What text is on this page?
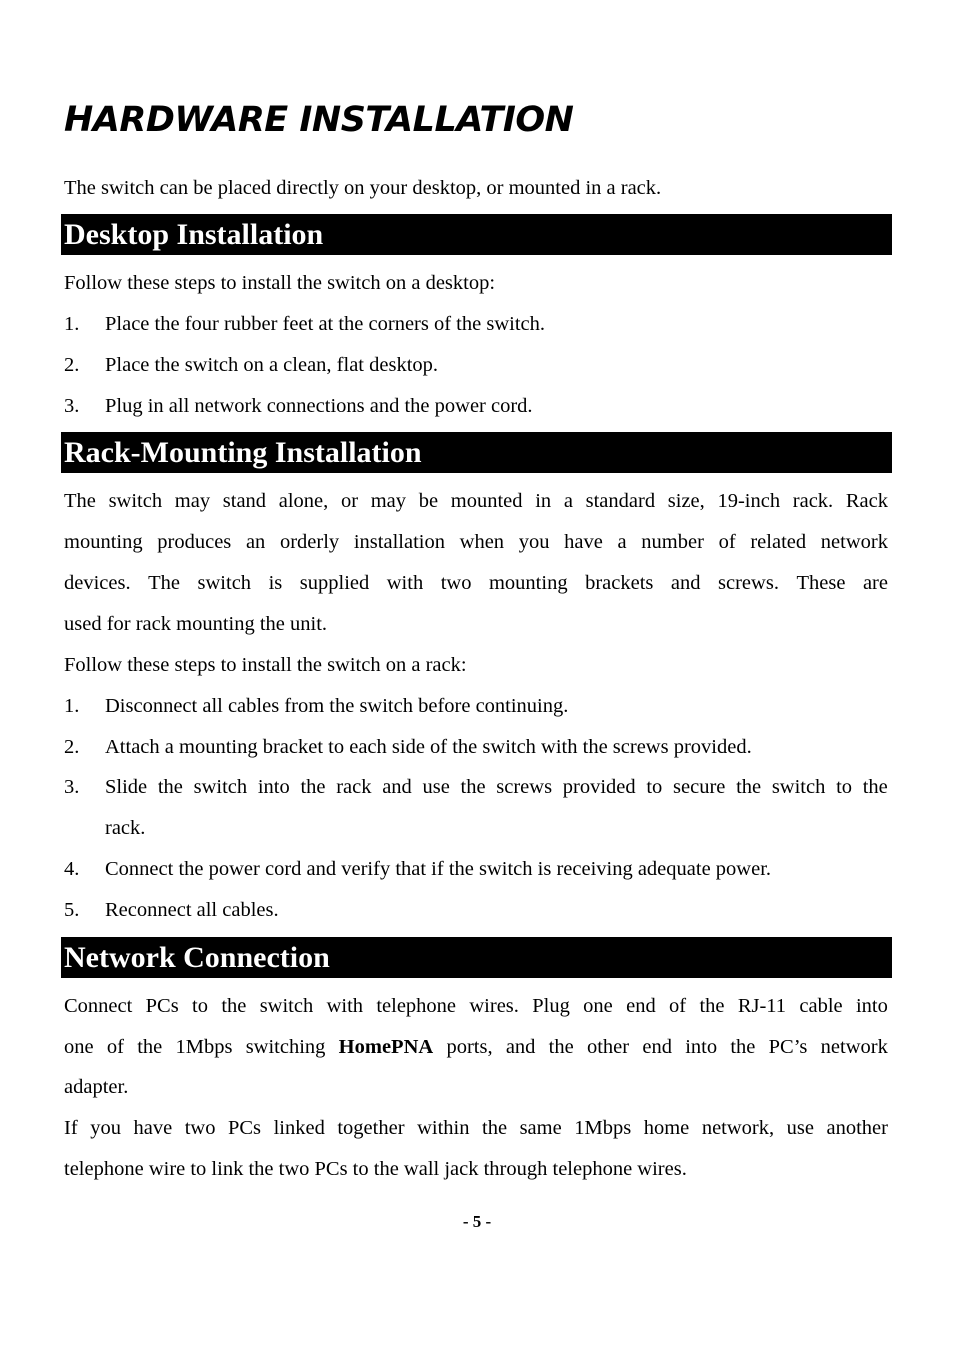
HARDWARE INSTALLATION
The switch can be placed directly on your desktop, or mounted in a rack.
Desktop Installation
Follow these steps to install the switch on a desktop:
1. Place the four rubber feet at the corners of the switch.
2. Place the switch on a clean, flat desktop.
3. Plug in all network connections and the power cord.
Rack-Mounting Installation
The switch may stand alone, or may be mounted in a standard size, 19-inch rack. Rack
mounting produces an orderly installation when you have a number of related network
devices. The switch is supplied with two mounting brackets and screws. These are
used for rack mounting the unit.
Follow these steps to install the switch on a rack:
1. Disconnect all cables from the switch before continuing.
2. Attach a mounting bracket to each side of the switch with the screws provided.
3. Slide the switch into the rack and use the screws provided to secure the switch to the
rack.
4. Connect the power cord and verify that if the switch is receiving adequate power.
5. Reconnect all cables.
Network Connection
Connect PCs to the switch with telephone wires. Plug one end of the RJ-11 cable into
one of the 1Mbps switching HomePNA ports, and the other end into the PC’s network
adapter.
If you have two PCs linked together within the same 1Mbps home network, use another
telephone wire to link the two PCs to the wall jack through telephone wires.
- 5 -
